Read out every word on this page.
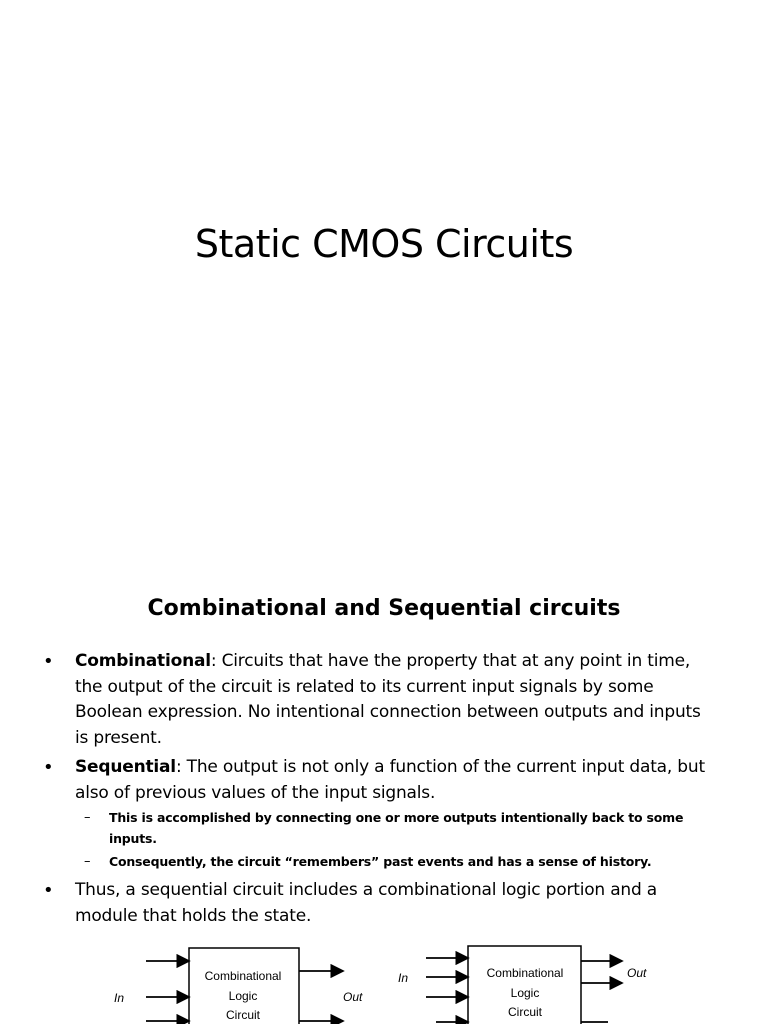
Static CMOS Circuits
Combinational and Sequential circuits
• Combinational: Circuits that have the property that at any point in time, the output of the circuit is related to its current input signals by some Boolean expression. No intentional connection between outputs and inputs is present.
• Sequential: The output is not only a function of the current input data, but also of previous values of the input signals.
– This is accomplished by connecting one or more outputs intentionally back to some inputs.
– Consequently, the circuit “remembers” past events and has a sense of history.
• Thus, a sequential circuit includes a combinational logic portion and a module that holds the state.
Combinational
Logic
Circuit
In	Out
Combinational
Logic
Circuit
In	Out
